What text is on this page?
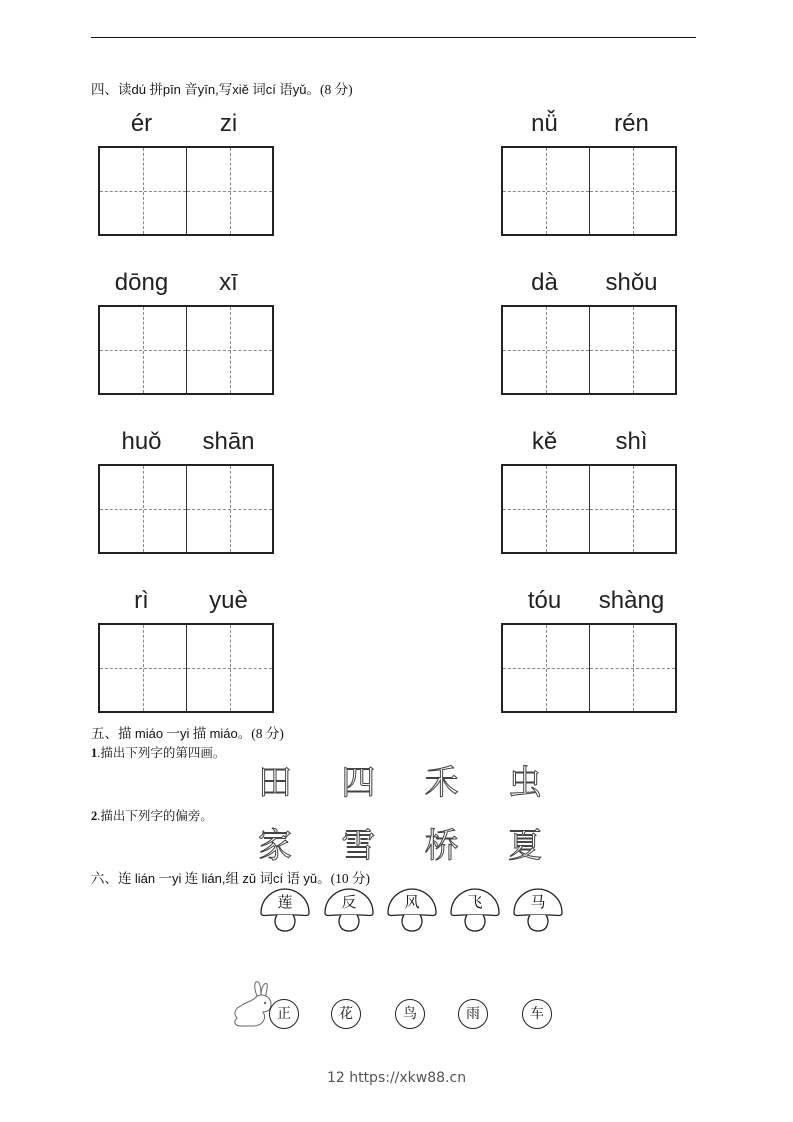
四、读dú 拼pīn 音yīn,写xiě 词cí 语yǔ。(8 分)
ér	zi	nǚ	rén
dōng	xī	dà	shǒu
huǒ	shān	kě	shì
rì	yuè	tóu	shàng
五、描 miáo 一yi 描 miáo。(8 分)
1.描出下列字的第四画。
田	四	禾	虫
2.描出下列字的偏旁。
家	雪	桥	夏
六、连 lián 一yi 连 lián,组 zǔ 词cí 语 yǔ。(10 分)
莲	反	风	飞	马
正	花	鸟	雨	车
12 https://xkw88.cn
